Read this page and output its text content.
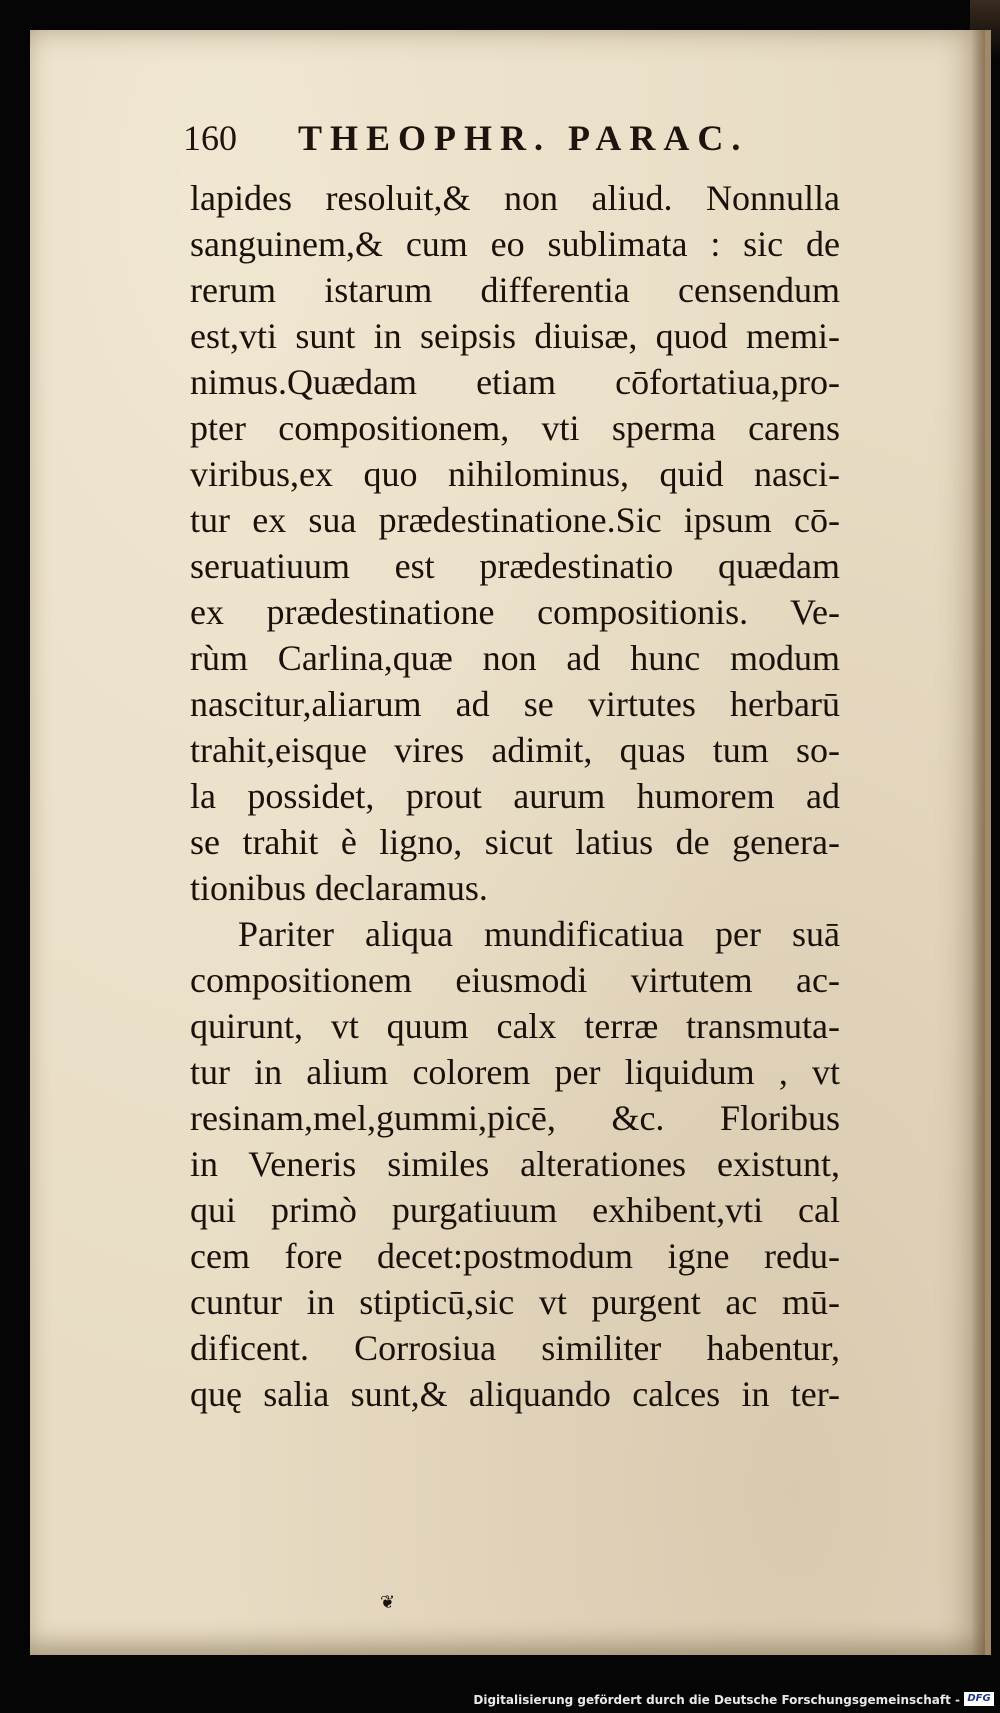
160 THEOPHR. PARAC.
lapides resoluit,& non aliud. Nonnulla
sanguinem,& cum eo sublimata : sic de
rerum istarum differentia censendum
est,vti sunt in seipsis diuisæ, quod memi-
nimus.Quædam etiam cōfortatiua,pro-
pter compositionem, vti sperma carens
viribus,ex quo nihilominus, quid nasci-
tur ex sua prædestinatione.Sic ipsum cō-
seruatiuum est prædestinatio quædam
ex prædestinatione compositionis. Ve-
rùm Carlina,quæ non ad hunc modum
nascitur,aliarum ad se virtutes herbarū
trahit,eisque vires adimit, quas tum so-
la possidet, prout aurum humorem ad
se trahit è ligno, sicut latius de genera-
tionibus declaramus.
Pariter aliqua mundificatiua per suā
compositionem eiusmodi virtutem ac-
quirunt, vt quum calx terræ transmuta-
tur in alium colorem per liquidum , vt
resinam,mel,gummi,picē, &c. Floribus
in Veneris similes alterationes existunt,
qui primò purgatiuum exhibent,vti cal
cem fore decet:postmodum igne redu-
cuntur in stipticū,sic vt purgent ac mū-
dificent. Corrosiua similiter habentur,
quę salia sunt,& aliquando calces in ter-
❦
Digitalisierung gefördert durch die Deutsche Forschungsgemeinschaft - DFG
